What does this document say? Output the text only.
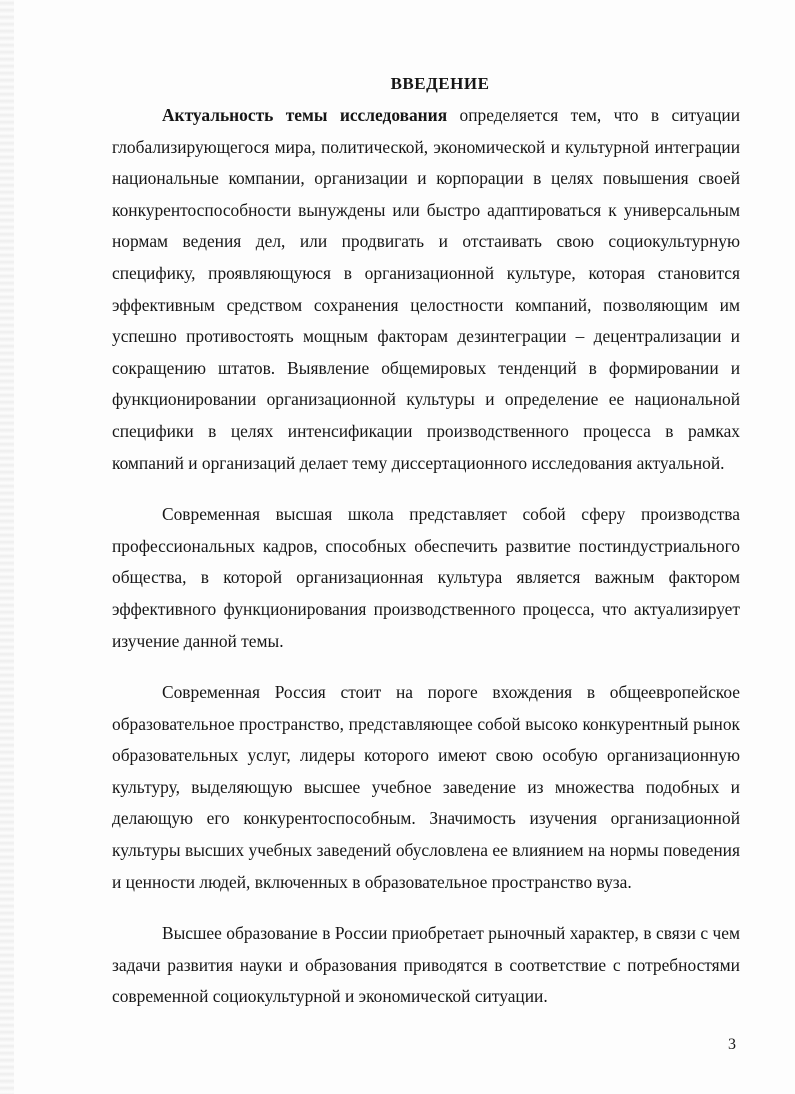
ВВЕДЕНИЕ

Актуальность темы исследования определяется тем, что в ситуации глобализирующегося мира, политической, экономической и культурной интеграции национальные компании, организации и корпорации в целях повышения своей конкурентоспособности вынуждены или быстро адаптироваться к универсальным нормам ведения дел, или продвигать и отстаивать свою социокультурную специфику, проявляющуюся в организационной культуре, которая становится эффективным средством сохранения целостности компаний, позволяющим им успешно противостоять мощным факторам дезинтеграции – децентрализации и сокращению штатов. Выявление общемировых тенденций в формировании и функционировании организационной культуры и определение ее национальной специфики в целях интенсификации производственного процесса в рамках компаний и организаций делает тему диссертационного исследования актуальной.

Современная высшая школа представляет собой сферу производства профессиональных кадров, способных обеспечить развитие постиндустриального общества, в которой организационная культура является важным фактором эффективного функционирования производственного процесса, что актуализирует изучение данной темы.

Современная Россия стоит на пороге вхождения в общеевропейское образовательное пространство, представляющее собой высоко конкурентный рынок образовательных услуг, лидеры которого имеют свою особую организационную культуру, выделяющую высшее учебное заведение из множества подобных и делающую его конкурентоспособным. Значимость изучения организационной культуры высших учебных заведений обусловлена ее влиянием на нормы поведения и ценности людей, включенных в образовательное пространство вуза.

Высшее образование в России приобретает рыночный характер, в связи с чем задачи развития науки и образования приводятся в соответствие с потребностями современной социокультурной и экономической ситуации.

3
